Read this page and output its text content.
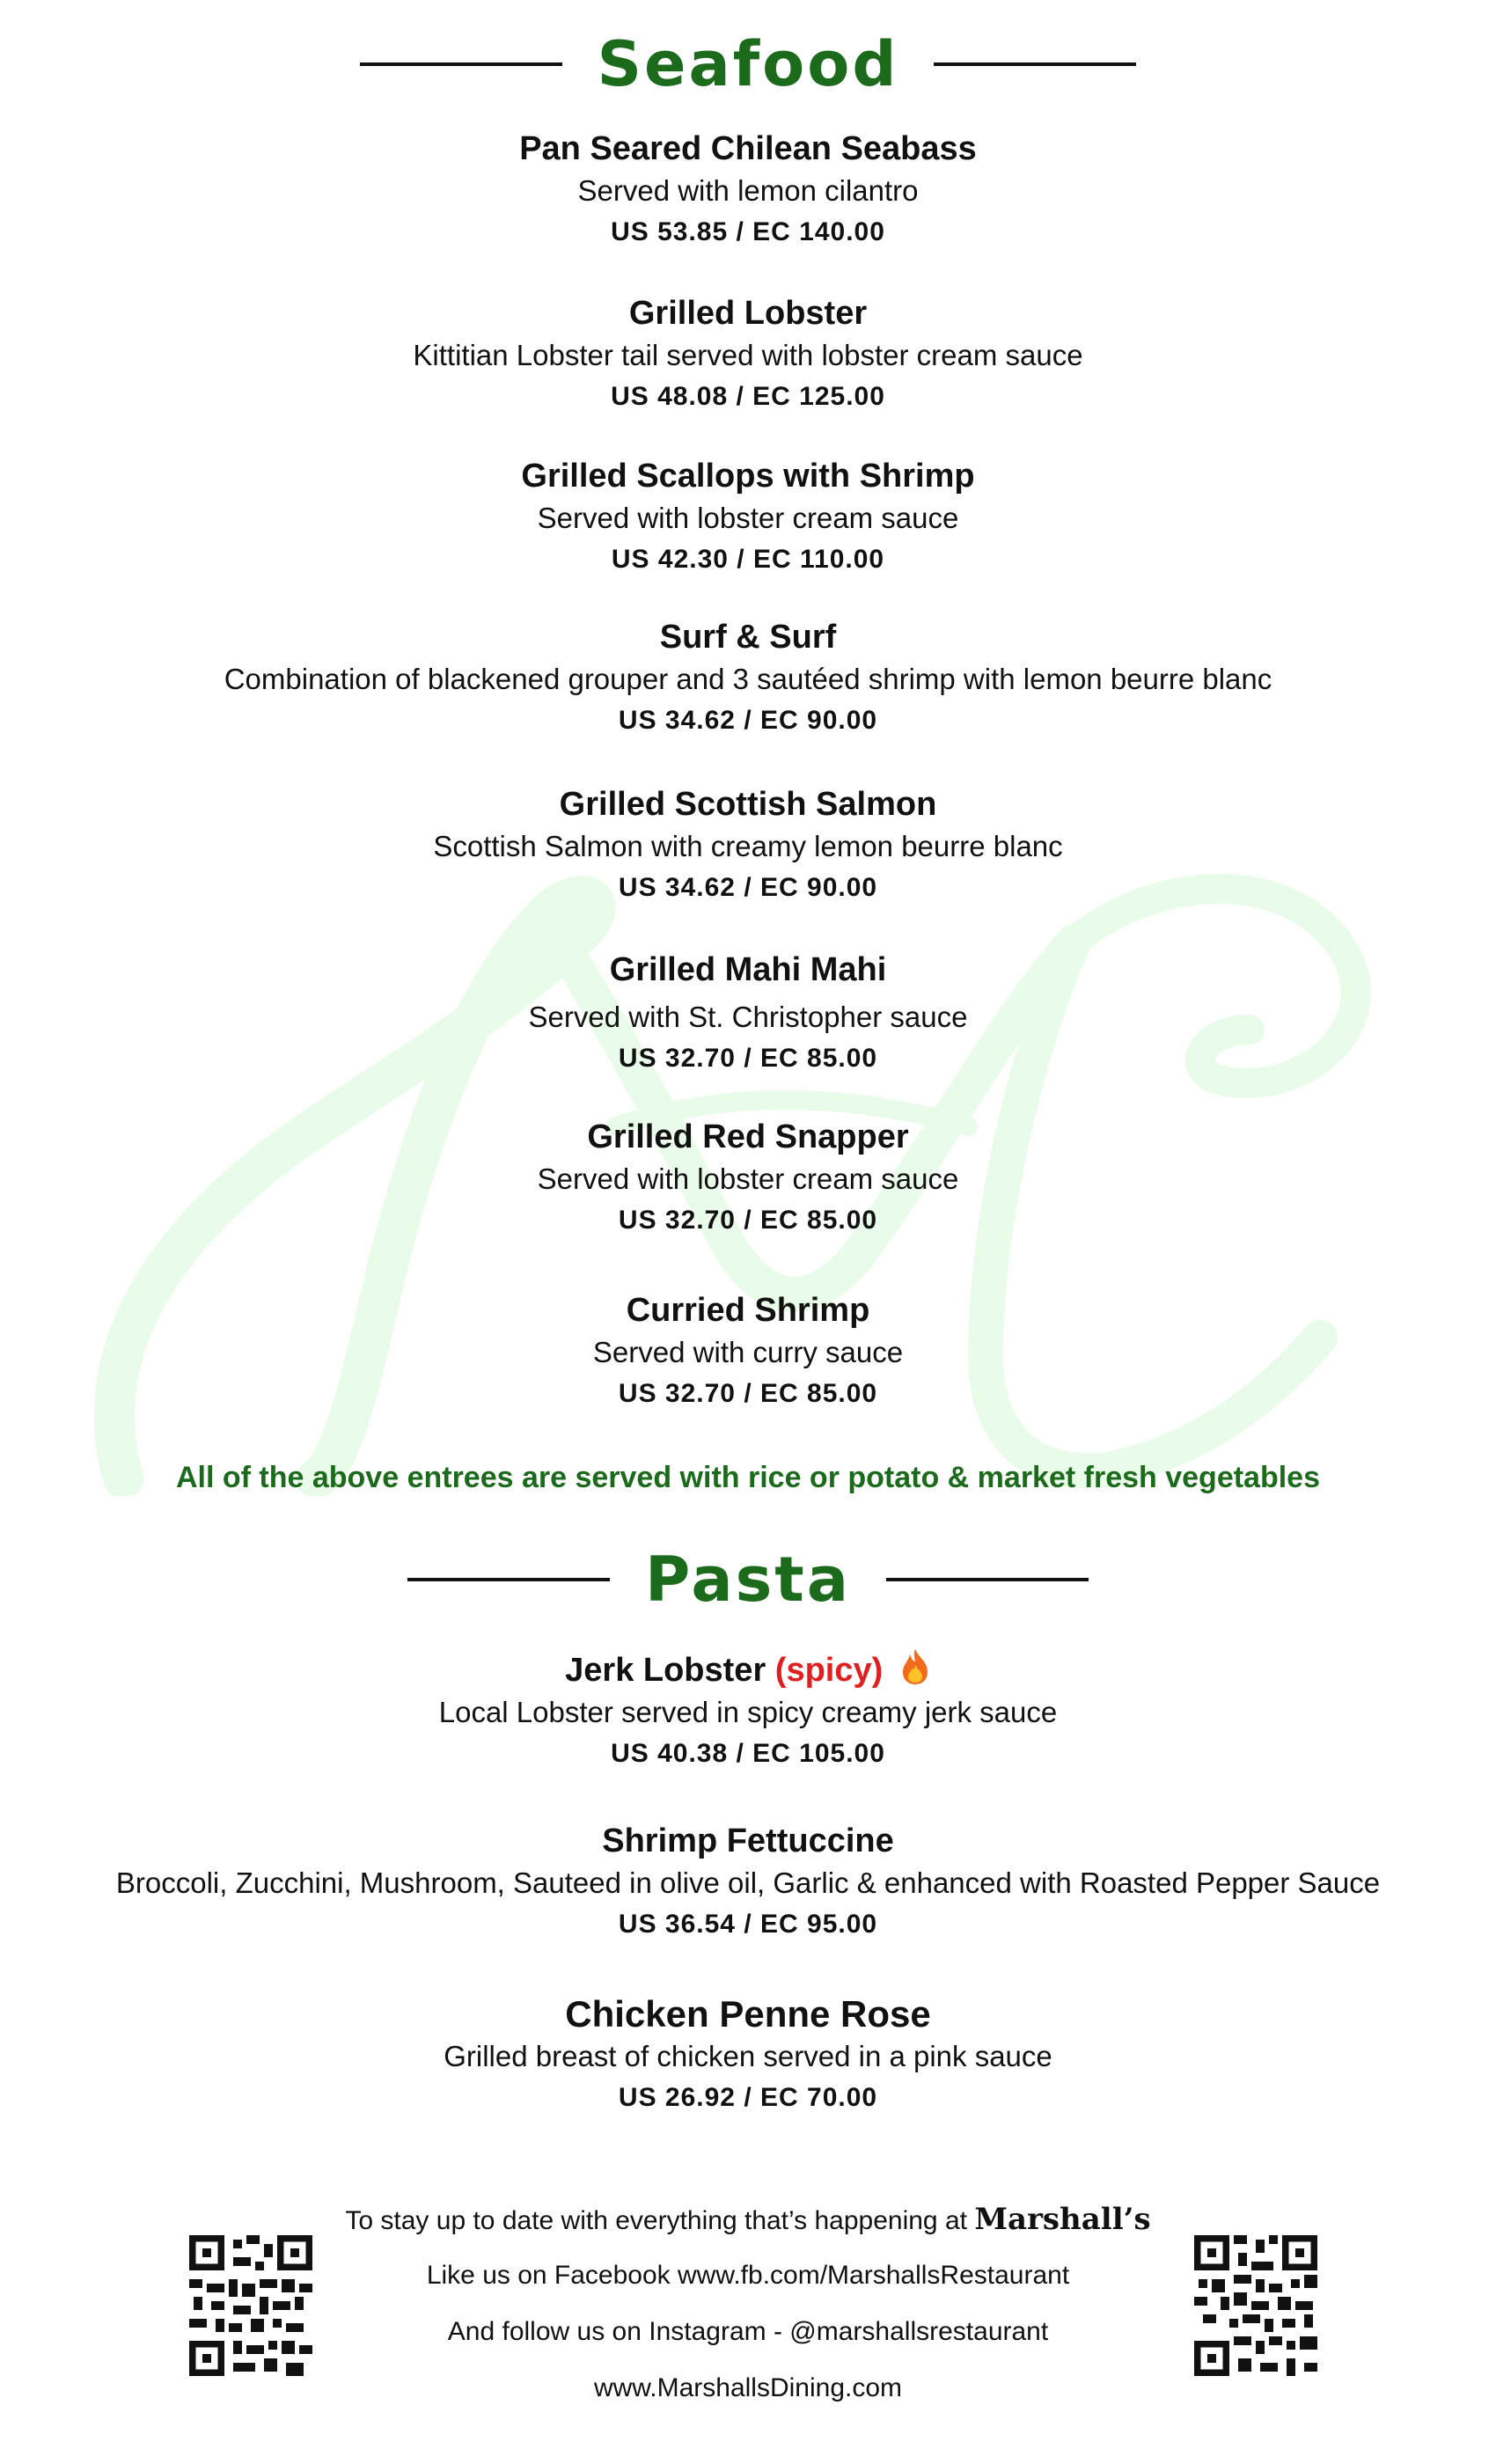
Seafood
Pan Seared Chilean Seabass
Served with lemon cilantro
US 53.85 / EC 140.00
Grilled Lobster
Kittitian Lobster tail served with lobster cream sauce
US 48.08 / EC 125.00
Grilled Scallops with Shrimp
Served with lobster cream sauce
US 42.30 / EC 110.00
Surf & Surf
Combination of blackened grouper and 3 sautéed shrimp with lemon beurre blanc
US 34.62 / EC 90.00
Grilled Scottish Salmon
Scottish Salmon with creamy lemon beurre blanc
US 34.62 / EC 90.00
Grilled Mahi Mahi
Served with St. Christopher sauce
US 32.70 / EC 85.00
Grilled Red Snapper
Served with lobster cream sauce
US 32.70 / EC 85.00
Curried Shrimp
Served with curry sauce
US 32.70 / EC 85.00
All of the above entrees are served with rice or potato & market fresh vegetables
Pasta
Jerk Lobster (spicy)
Local Lobster served in spicy creamy jerk sauce
US 40.38 / EC 105.00
Shrimp Fettuccine
Broccoli, Zucchini, Mushroom, Sauteed in olive oil, Garlic & enhanced with Roasted Pepper Sauce
US 36.54 / EC 95.00
Chicken Penne Rose
Grilled breast of chicken served in a pink sauce
US 26.92 / EC 70.00
To stay up to date with everything that’s happening at Marshall’s
Like us on Facebook www.fb.com/MarshallsRestaurant
And follow us on Instagram - @marshallsrestaurant
www.MarshallsDining.com
